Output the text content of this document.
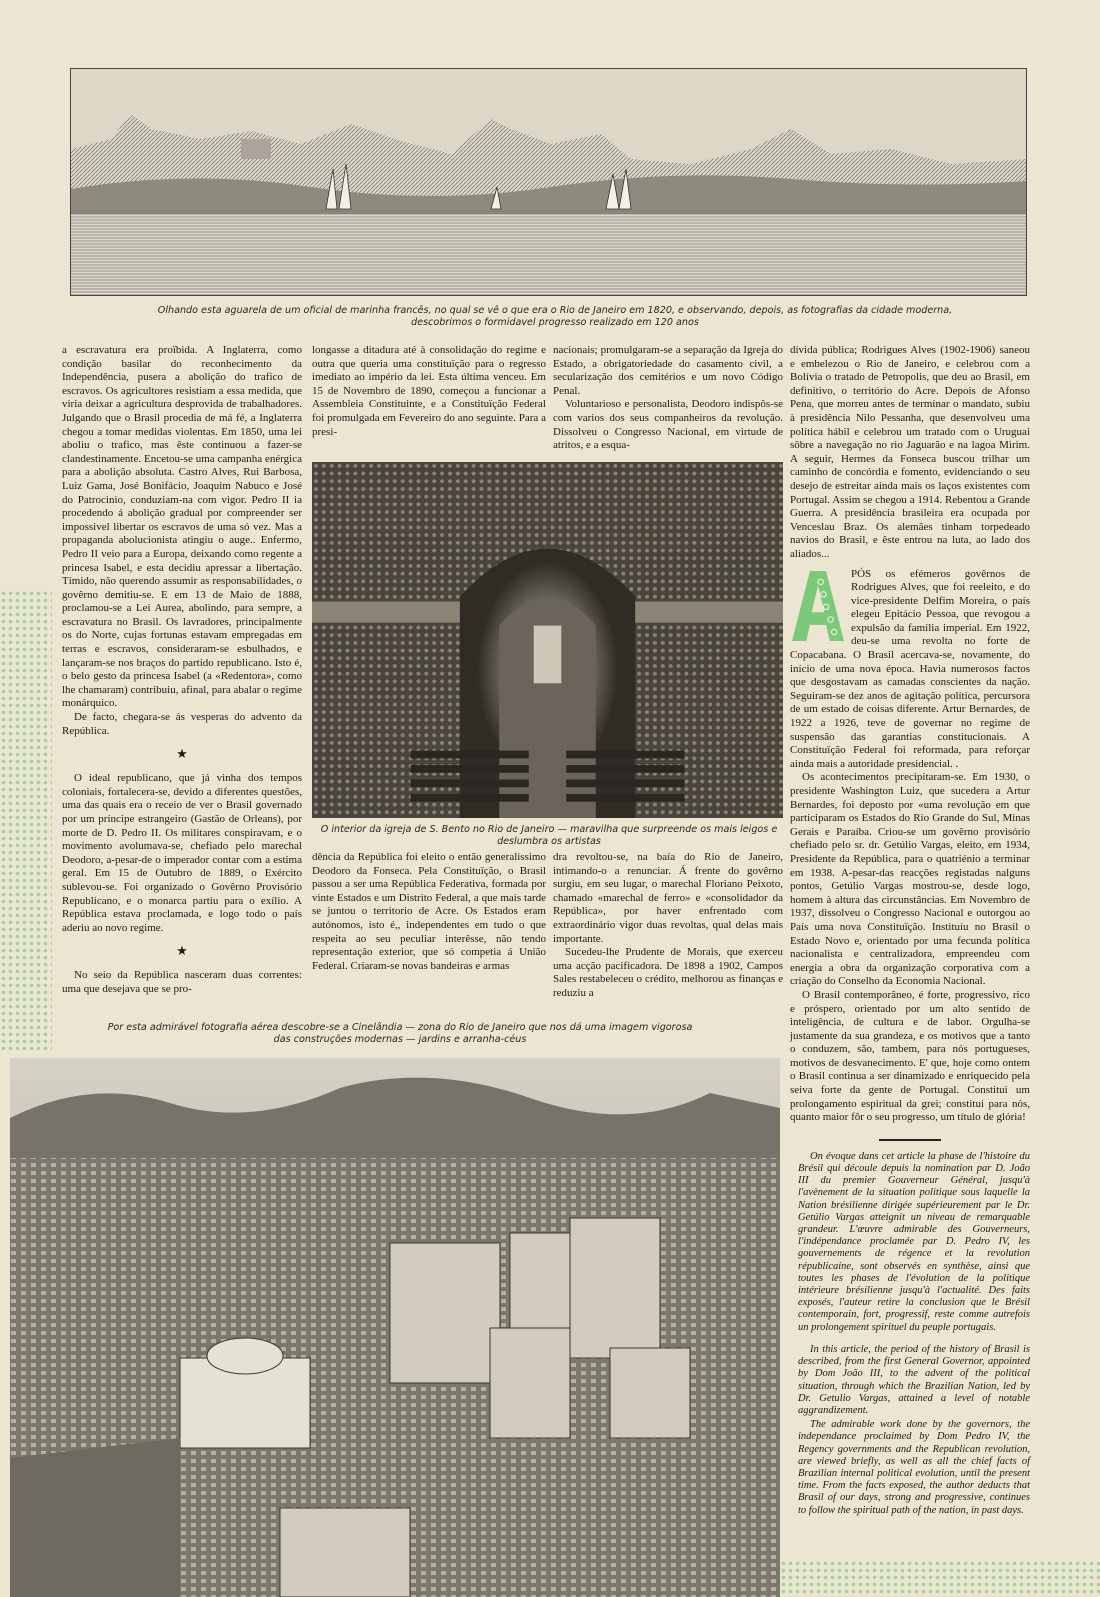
Olhando esta aguarela de um oficial de marinha francês, no qual se vê o que era o Rio de Janeiro em 1820, e observando, depois, as fotografias da cidade moderna, descobrimos o formidavel progresso realizado em 120 anos

a escravatura era proïbida. A Inglaterra, como condição basilar do reconhecimento da Independência, pusera a abolição do trafico de escravos. Os agricultores resistiam a essa medida, que viria deixar a agricultura desprovida de trabalhadores. Julgando que o Brasil procedia de má fé, a Inglaterra chegou a tomar medidas violentas. Em 1850, uma lei aboliu o trafico, mas êste continuou a fazer-se clandestinamente. Encetou-se uma campanha enérgica para a abolição absoluta. Castro Alves, Rui Barbosa, Luiz Gama, José Bonifácio, Joaquim Nabuco e José do Patrocinio, conduziam-na com vigor. Pedro II ia procedendo á abolição gradual por compreender ser impossivel libertar os escravos de uma só vez. Mas a propaganda abolucionista atingiu o auge.. Enfermo, Pedro II veio para a Europa, deixando como regente a princesa Isabel, e esta decidiu apressar a libertação. Tímido, não querendo assumir as responsabilidades, o govêrno demitiu-se. E em 13 de Maio de 1888, proclamou-se a Lei Aurea, abolindo, para sempre, a escravatura no Brasil. Os lavradores, principalmente os do Norte, cujas fortunas estavam empregadas em terras e escravos, consideraram-se esbulhados, e lançaram-se nos braços do partido republicano. Isto é, o belo gesto da princesa Isabel (a «Redentora», como lhe chamaram) contribuiu, afinal, para abalar o regime monárquico.

De facto, chegara-se ás vesperas do advento da República.

★

O ideal republicano, que já vinha dos tempos coloniais, fortalecera-se, devido a diferentes questões, uma das quais era o receio de ver o Brasil governado por um príncipe estrangeiro (Gastão de Orleans), por morte de D. Pedro II. Os militares conspiravam, e o movimento avolumava-se, chefiado pelo marechal Deodoro, a-pesar-de o imperador contar com a estima geral. Em 15 de Outubro de 1889, o Exército sublevou-se. Foi organizado o Govêrno Provisório Republicano, e o monarca partiu para o exílio. A República estava proclamada, e logo todo o país aderiu ao novo regime.

★

No seio da República nasceram duas correntes: uma que desejava que se pro-

longasse a ditadura até à consolidação do regime e outra que queria uma constituïção para o regresso imediato ao império da lei. Esta última venceu. Em 15 de Novembro de 1890, começou a funcionar a Assembleia Constituinte, e a Constituïção Federal foi promulgada em Fevereiro do ano seguinte. Para a presi-

nacionais; promulgaram-se a separação da Igreja do Estado, a obrigatoriedade do casamento civil, a secularização dos cemitérios e um novo Código Penal.

Voluntarioso e personalista, Deodoro indispôs-se com varios dos seus companheiros da revolução. Dissolveu o Congresso Nacional, em virtude de atritos, e a esqua-

O interior da igreja de S. Bento no Rio de Janeiro — maravilha que surpreende os mais leigos e deslumbra os artistas

dência da República foi eleito o então generalissimo Deodoro da Fonseca. Pela Constituïção, o Brasil passou a ser uma República Federativa, formada por vinte Estados e um Distrito Federal, a que mais tarde se juntou o territorio de Acre. Os Estados eram autónomos, isto é,, independentes em tudo o que respeita ao seu peculiar interêsse, não tendo representação exterior, que só competia á União Federal. Criaram-se novas bandeiras e armas

dra revoltou-se, na baía do Rio de Janeiro, intimando-o a renunciar. Á frente do govêrno surgiu, em seu lugar, o marechal Floriano Peixoto, chamado «marechal de ferro» e «consolidador da República», por haver enfrentado com extraordinário vigor duas revoltas, qual delas mais importante.

Sucedeu-lhe Prudente de Morais, que exerceu uma acção pacificadora. De 1898 a 1902, Campos Sales restabeleceu o crédito, melhorou as finanças e reduziu a

Por esta admirável fotografia aérea descobre-se a Cinelândia — zona do Rio de Janeiro que nos dá uma imagem vigorosa das construções modernas — jardins e arranha-céus

dívida pública; Rodrigues Alves (1902-1906) saneou e embelezou o Rio de Janeiro, e celebrou com a Bolívia o tratado de Petropolis, que deu ao Brasil, em definitivo, o território do Acre. Depois de Afonso Pena, que morreu antes de terminar o mandato, subiu à presidência Nilo Pessanha, que desenvolveu uma política hábil e celebrou um tratado com o Uruguai sôbre a navegação no rio Jaguarão e na lagoa Mirim. A seguir, Hermes da Fonseca buscou trilhar um caminho de concórdia e fomento, evidenciando o seu desejo de estreitar ainda mais os laços existentes com Portugal. Assim se chegou a 1914. Rebentou a Grande Guerra. A presidência brasileira era ocupada por Venceslau Braz. Os alemães tinham torpedeado navios do Brasil, e êste entrou na luta, ao lado dos aliados...

PÓS os efémeros govêrnos de Rodrigues Alves, que foi reeleito, e do vice-presidente Delfim Moreira, o país elegeu Epitácio Pessoa, que revogou a expulsão da família imperial. Em 1922, deu-se uma revolta no forte de Copacabana. O Brasil acercava-se, novamente, do início de uma nova época. Havia numerosos factos que desgostavam as camadas conscientes da nação. Seguiram-se dez anos de agitação política, percursora de um estado de coisas diferente. Artur Bernardes, de 1922 a 1926, teve de governar no regime de suspensão das garantias constitucionais. A Constituïção Federal foi reformada, para reforçar ainda mais a autoridade presidencial. .

Os acontecimentos precipitaram-se. Em 1930, o presidente Washington Luiz, que sucedera a Artur Bernardes, foi deposto por «uma revolução em que participaram os Estados do Rio Grande do Sul, Minas Gerais e Paraíba. Criou-se um govêrno provisório chefiado pelo sr. dr. Getúlio Vargas, eleito, em 1934, Presidente da República, para o quatriénio a terminar em 1938. A-pesar-das reacções registadas nalguns pontos, Getúlio Vargas mostrou-se, desde logo, homem à altura das circunstâncias. Em Novembro de 1937, dissolveu o Congresso Nacional e outorgou ao País uma nova Constituïção. Instituíu no Brasil o Estado Novo e, orientado por uma fecunda política nacionalista e centralizadora, empreendeu com energia a obra da organização corporativa com a criação do Conselho da Economia Nacional.

O Brasil contemporâneo, é forte, progressivo, rico e próspero, orientado por um alto sentido de inteligência, de cultura e de labor. Orgulha-se justamente da sua grandeza, e os motivos que a tanto o conduzem, são, tambem, para nós portugueses, motivos de desvanecimento. E' que, hoje como ontem o Brasil continua a ser dinamizado e enriquecido pela seiva forte da gente de Portugal. Constitui um prolongamento espiritual da grei; constitui para nós, quanto maior fôr o seu progresso, um título de glória!

On évoque dans cet article la phase de l'histoire du Brésil qui découle depuis la nomination par D. João III du premier Gouverneur Général, jusqu'à l'avènement de la situation politique sous laquelle la Nation brésilienne dirigée supérieurement par le Dr. Getúlio Vargas atteignit un niveau de remarquable grandeur. L'œuvre admirable des Gouverneurs, l'indépendance proclamée par D. Pedro IV, les gouvernements de régence et la revolution républicaine, sont observés en synthèse, ainsi que toutes les phases de l'évolution de la politique intérieure brésilienne jusqu'à l'actualité. Des faits exposés, l'auteur retire la conclusion que le Brésil contemporain, fort, progressif, reste comme autrefois un prolongement spirituel du peuple portugais.

In this article, the period of the history of Brasil is described, from the first General Governor, appointed by Dom João III, to the advent of the political situation, through which the Brazilian Nation, led by Dr. Getulio Vargas, attained a level of notable aggrandizement.

The admirable work done by the governors, the independance proclaimed by Dom Pedro IV, the Regency governments and the Republican revolution, are viewed briefly, as well as all the chief facts of Brazilian internal political evolution, until the present time. From the facts exposed, the author deducts that Brasil of our days, strong and progressive, continues to follow the spiritual path of the nation, in past days.
